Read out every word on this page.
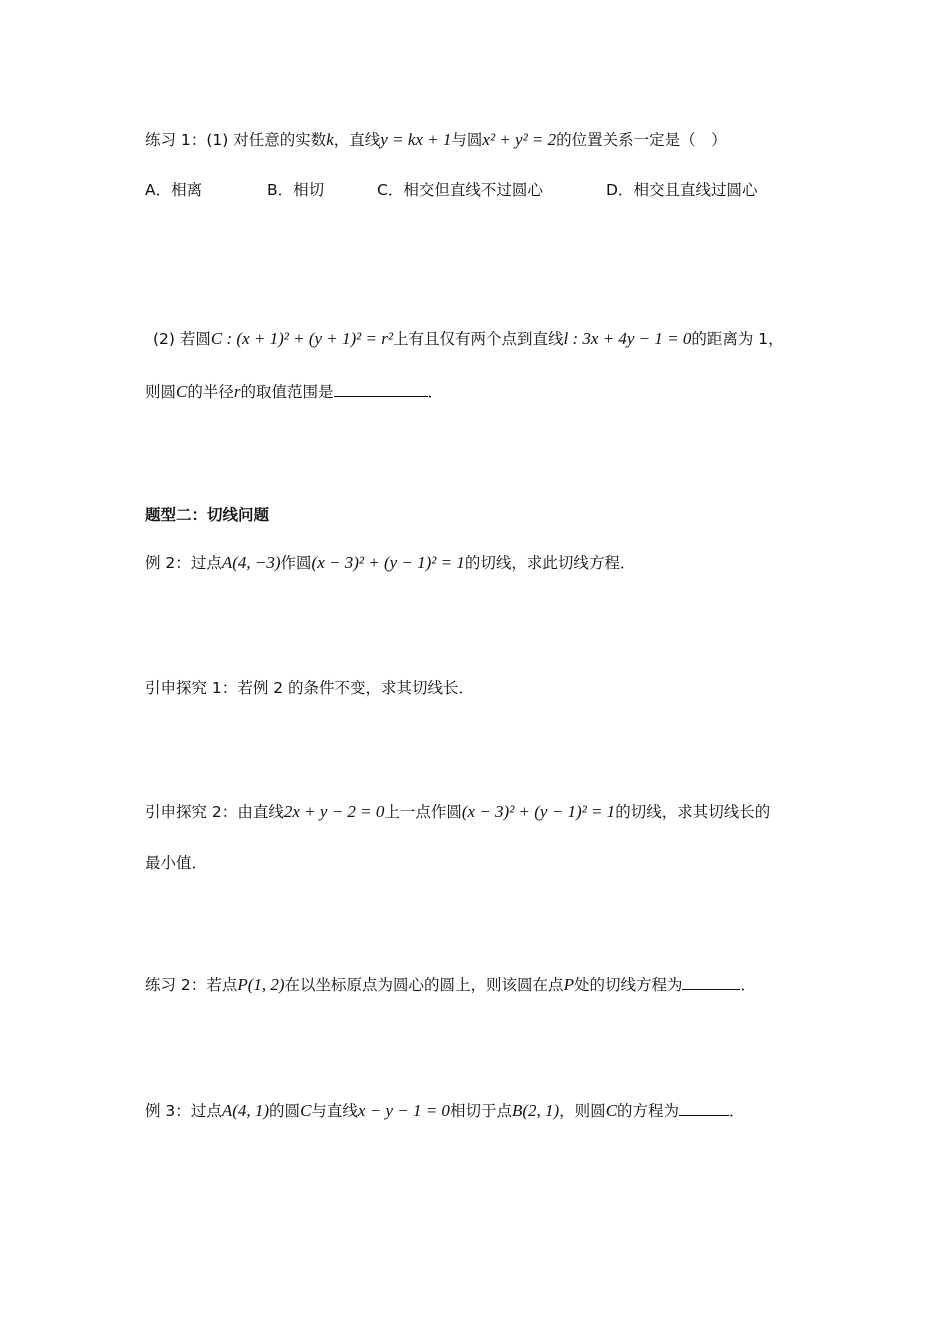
练习 1：(1) 对任意的实数k，直线y = kx + 1与圆x² + y² = 2的位置关系一定是（　）
A．相离	B．相切	C．相交但直线不过圆心	D．相交且直线过圆心
(2) 若圆C : (x + 1)² + (y + 1)² = r²上有且仅有两个点到直线l : 3x + 4y − 1 = 0的距离为 1，
则圆C的半径r的取值范围是	．
题型二：切线问题
例 2：过点A(4, −3)作圆(x − 3)² + (y − 1)² = 1的切线，求此切线方程．
引申探究 1：若例 2 的条件不变，求其切线长．
引申探究 2：由直线2x + y − 2 = 0上一点作圆(x − 3)² + (y − 1)² = 1的切线，求其切线长的
最小值．
练习 2：若点P(1, 2)在以坐标原点为圆心的圆上，则该圆在点P处的切线方程为	．
例 3：过点A(4, 1)的圆C与直线x − y − 1 = 0相切于点B(2, 1)，则圆C的方程为	．
